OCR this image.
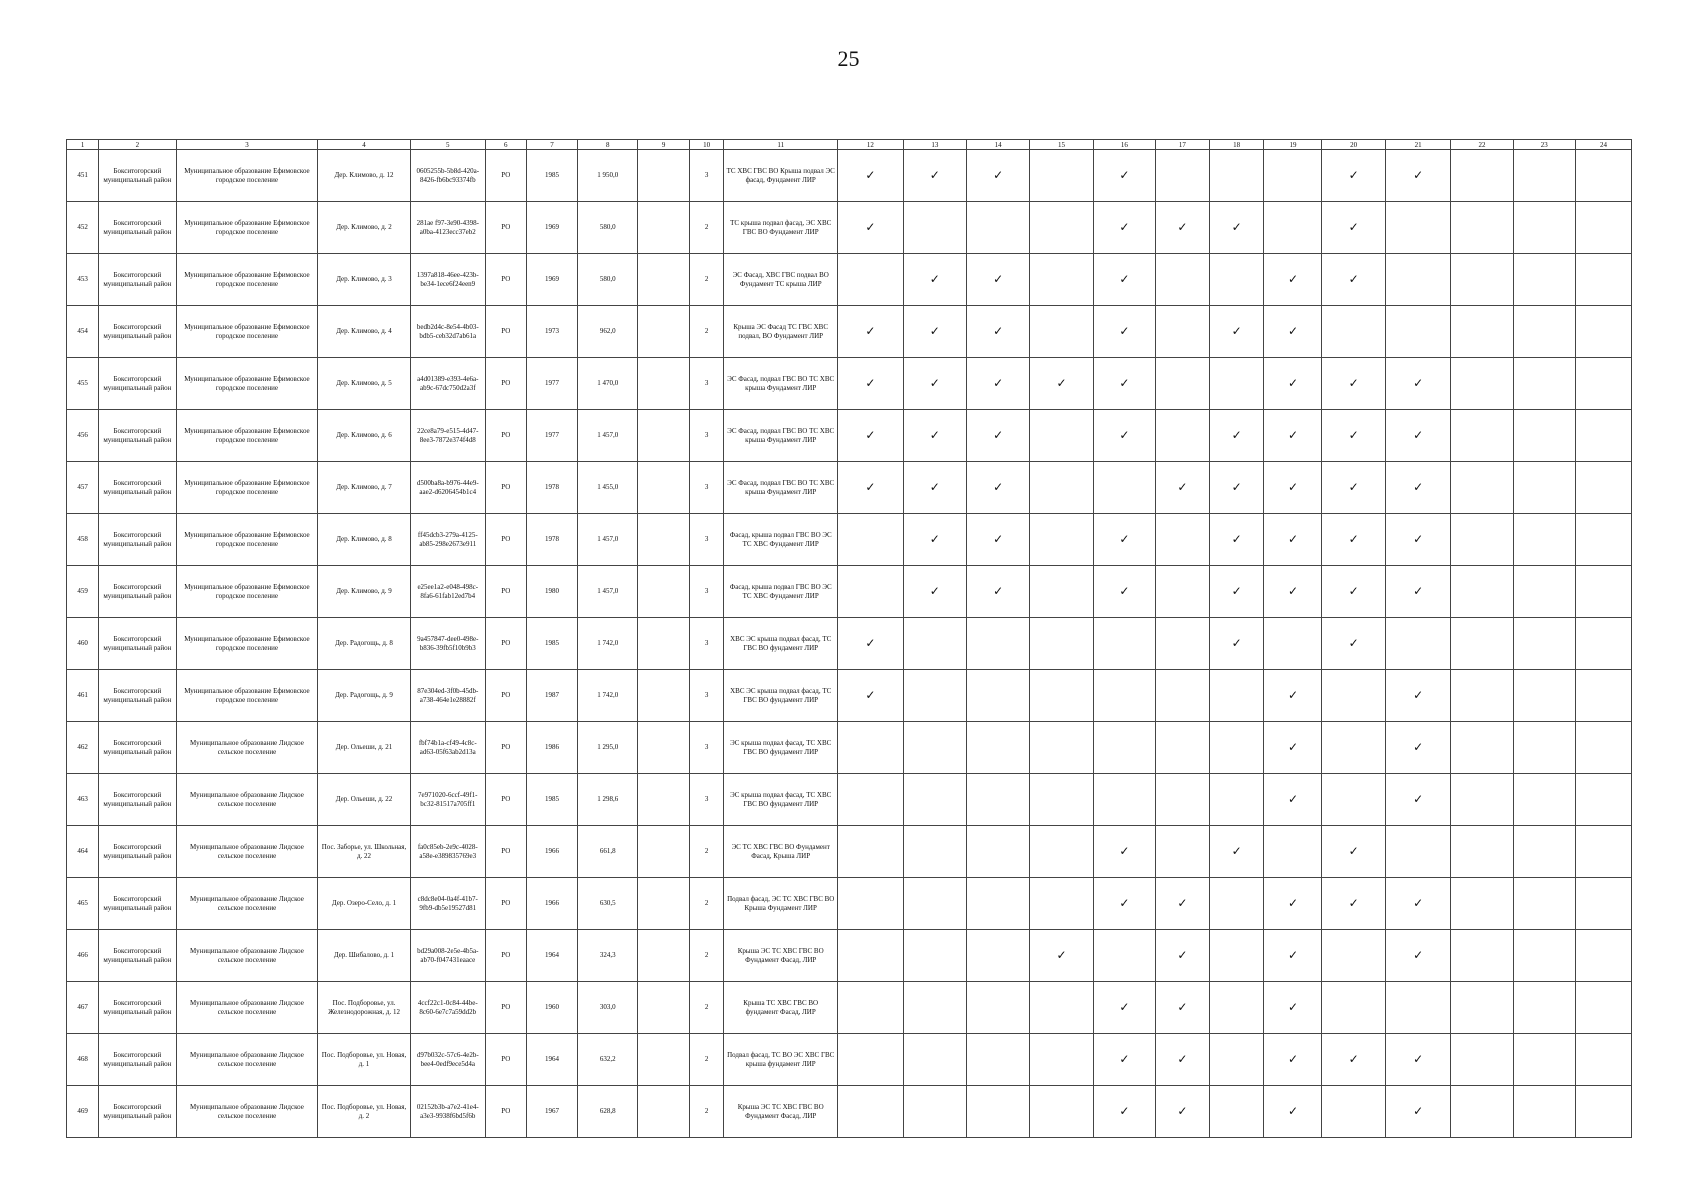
25
1	2	3	4	5	6	7	8	9	10	11	12	13	14	15	16	17	18	19	20	21	22	23	24
451	Бокситогорский муниципальный район	Муниципальное образование Ефимовское городское поселение	Дер. Климово, д. 12	0605255b-5b8d-420a-8426-fb6bc93374fb	РО	1985	1 950,0		3	ТС ХВС ГВС ВО Крыша подвал ЭС фасад, Фундамент ЛИР	✓	✓	✓		✓				✓	✓			
452	Бокситогорский муниципальный район	Муниципальное образование Ефимовское городское поселение	Дер. Климово, д. 2	281ae f97-3e90-4398-a0ba-4123ecc37eb2	РО	1969	580,0		2	ТС крыша подвал фасад, ЭС ХВС ГВС ВО Фундамент ЛИР	✓				✓	✓	✓		✓				
453	Бокситогорский муниципальный район	Муниципальное образование Ефимовское городское поселение	Дер. Климово, д. 3	1397a818-46ee-423b-be34-1ece6f24een9	РО	1969	580,0		2	ЭС Фасад, ХВС ГВС подвал ВО Фундамент ТС крыша ЛИР		✓	✓		✓			✓	✓				
454	Бокситогорский муниципальный район	Муниципальное образование Ефимовское городское поселение	Дер. Климово, д. 4	bedb2d4c-8e54-4b03-bdb5-ceb32d7ab61a	РО	1973	962,0		2	Крыша ЭС Фасад ТС ГВС ХВС подвал, ВО Фундамент ЛИР	✓	✓	✓		✓		✓	✓					
455	Бокситогорский муниципальный район	Муниципальное образование Ефимовское городское поселение	Дер. Климово, д. 5	a4d01389-e393-4e6a-ab9c-67dc750d2a3f	РО	1977	1 470,0		3	ЭС Фасад, подвал ГВС ВО ТС ХВС крыша Фундамент ЛИР	✓	✓	✓	✓	✓			✓	✓	✓			
456	Бокситогорский муниципальный район	Муниципальное образование Ефимовское городское поселение	Дер. Климово, д. 6	22ce8a79-e515-4d47-8ee3-7872e374f4d8	РО	1977	1 457,0		3	ЭС Фасад, подвал ГВС ВО ТС ХВС крыша Фундамент ЛИР	✓	✓	✓		✓		✓	✓	✓	✓			
457	Бокситогорский муниципальный район	Муниципальное образование Ефимовское городское поселение	Дер. Климово, д. 7	d500ba8a-b976-44e9-aae2-d6206454b1c4	РО	1978	1 455,0		3	ЭС Фасад, подвал ГВС ВО ТС ХВС крыша Фундамент ЛИР	✓	✓	✓			✓	✓	✓	✓	✓			
458	Бокситогорский муниципальный район	Муниципальное образование Ефимовское городское поселение	Дер. Климово, д. 8	ff45dcb3-279a-4125-ab85-298e2673e911	РО	1978	1 457,0		3	Фасад, крыша подвал ГВС ВО ЭС ТС ХВС Фундамент ЛИР		✓	✓		✓		✓	✓	✓	✓			
459	Бокситогорский муниципальный район	Муниципальное образование Ефимовское городское поселение	Дер. Климово, д. 9	e25ee1a2-e048-498c-8fa6-61fab12ed7b4	РО	1980	1 457,0		3	Фасад, крыша подвал ГВС ВО ЭС ТС ХВС Фундамент ЛИР		✓	✓		✓		✓	✓	✓	✓			
460	Бокситогорский муниципальный район	Муниципальное образование Ефимовское городское поселение	Дер. Радогощь, д. 8	9a457847-dee0-498e-b836-39fb5f10b9b3	РО	1985	1 742,0		3	ХВС ЭС крыша подвал фасад, ТС ГВС ВО фундамент ЛИР	✓						✓		✓				
461	Бокситогорский муниципальный район	Муниципальное образование Ефимовское городское поселение	Дер. Радогощь, д. 9	87e304ed-3f0b-45db-a738-464e1e28882f	РО	1987	1 742,0		3	ХВС ЭС крыша подвал фасад, ТС ГВС ВО фундамент ЛИР	✓							✓		✓			
462	Бокситогорский муниципальный район	Муниципальное образование Лидское сельское поселение	Дер. Ольеши, д. 21	fbf74b1a-cf49-4c8c-ad63-05f63ab2d13a	РО	1986	1 295,0		3	ЭС крыша подвал фасад, ТС ХВС ГВС ВО фундамент ЛИР								✓		✓			
463	Бокситогорский муниципальный район	Муниципальное образование Лидское сельское поселение	Дер. Ольеши, д. 22	7e971020-6ccf-49f1-bc32-81517a705ff1	РО	1985	1 298,6		3	ЭС крыша подвал фасад, ТС ХВС ГВС ВО фундамент ЛИР								✓		✓			
464	Бокситогорский муниципальный район	Муниципальное образование Лидское сельское поселение	Пос. Заборье, ул. Школьная, д. 22	fa0c85eb-2e9c-4028-a58e-e389835769e3	РО	1966	661,8		2	ЭС ТС ХВС ГВС ВО Фундамент Фасад, Крыша ЛИР					✓		✓		✓				
465	Бокситогорский муниципальный район	Муниципальное образование Лидское сельское поселение	Дер. Озеро-Село, д. 1	c8dc8e04-0a4f-41b7-9fb9-db5e19527d81	РО	1966	630,5		2	Подвал фасад, ЭС ТС ХВС ГВС ВО Крыша Фундамент ЛИР					✓	✓		✓	✓	✓			
466	Бокситогорский муниципальный район	Муниципальное образование Лидское сельское поселение	Дер. Шибалово, д. 1	bd29a008-2e5e-4b5a-ab70-f047431eaace	РО	1964	324,3		2	Крыша ЭС ТС ХВС ГВС ВО Фундамент Фасад, ЛИР				✓		✓		✓		✓			
467	Бокситогорский муниципальный район	Муниципальное образование Лидское сельское поселение	Пос. Подборовье, ул. Железнодорожная, д. 12	4ccf22c1-0c84-44be-8c60-6e7c7a59dd2b	РО	1960	303,0		2	Крыша ТС ХВС ГВС ВО фундамент Фасад, ЛИР					✓	✓		✓					
468	Бокситогорский муниципальный район	Муниципальное образование Лидское сельское поселение	Пос. Подборовье, ул. Новая, д. 1	d97b032c-57c6-4e2b-bee4-0edf9ece5d4a	РО	1964	632,2		2	Подвал фасад, ТС ВО ЭС ХВС ГВС крыша фундамент ЛИР					✓	✓		✓	✓	✓			
469	Бокситогорский муниципальный район	Муниципальное образование Лидское сельское поселение	Пос. Подборовье, ул. Новая, д. 2	02152b3b-a7e2-41e4-a3e3-9938f6bd5f6b	РО	1967	628,8		2	Крыша ЭС ТС ХВС ГВС ВО Фундамент Фасад, ЛИР					✓	✓		✓		✓			
